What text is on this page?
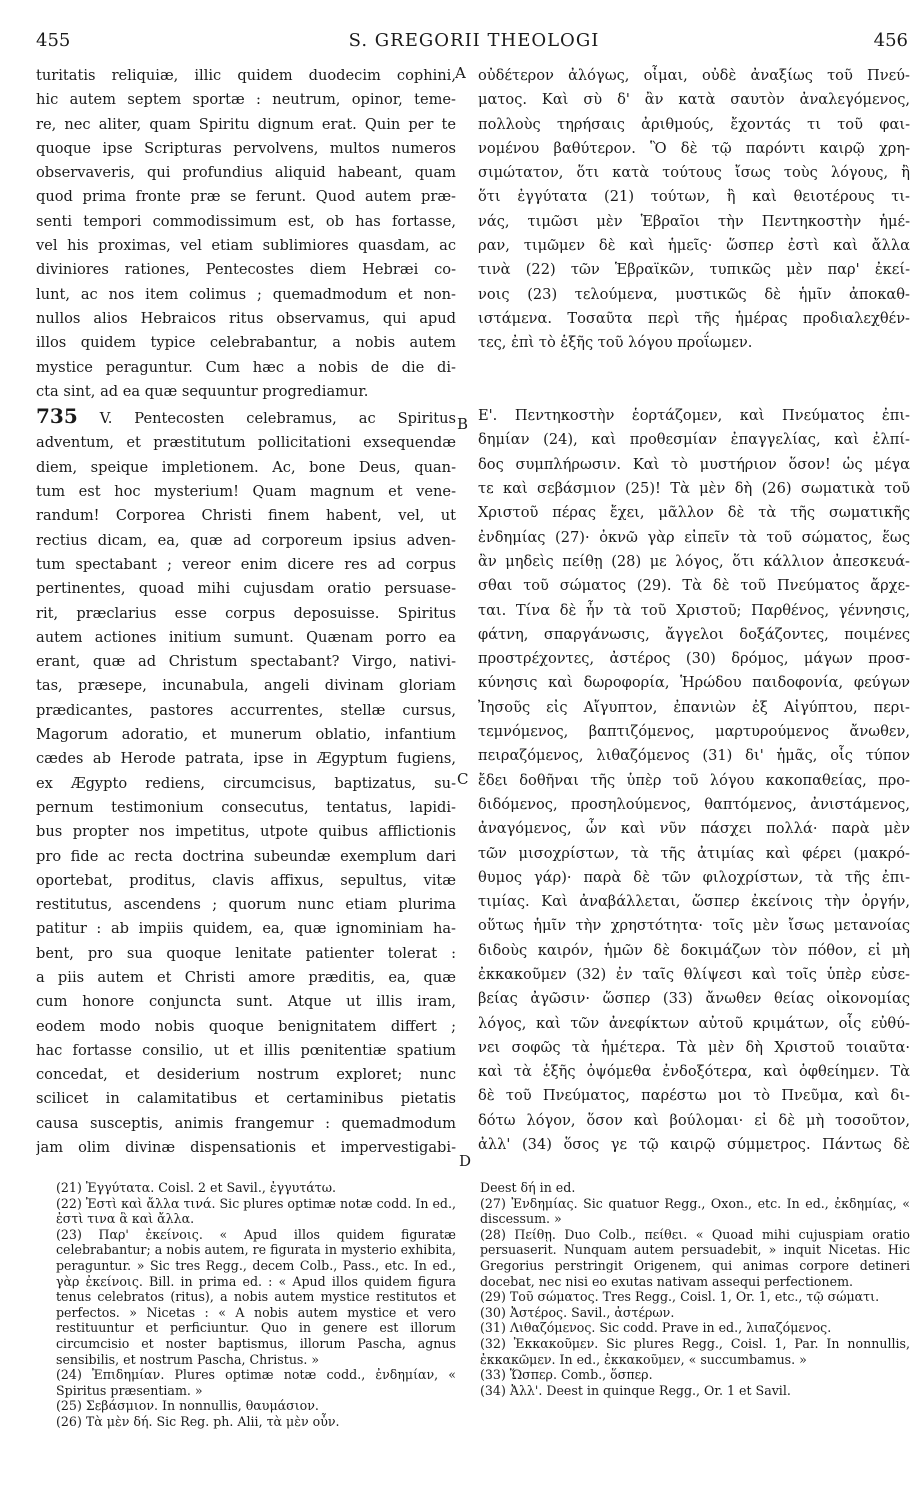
455	S. GREGORII THEOLOGI	456
A
B
C
D
turitatis reliquiæ, illic quidem duodecim cophini,
hic autem septem sportæ : neutrum, opinor, teme-
re, nec aliter, quam Spiritu dignum erat. Quin per te
quoque ipse Scripturas pervolvens, multos numeros
observaveris, qui profundius aliquid habeant, quam
quod prima fronte præ se ferunt. Quod autem præ-
senti tempori commodissimum est, ob has fortasse,
vel his proximas, vel etiam sublimiores quasdam, ac
diviniores rationes, Pentecostes diem Hebræi co-
lunt, ac nos item colimus ; quemadmodum et non-
nullos alios Hebraicos ritus observamus, qui apud
illos quidem typice celebrabantur, a nobis autem
mystice peraguntur. Cum hæc a nobis de die di-
cta sint, ad ea quæ sequuntur progrediamur.
735 V. Pentecosten celebramus, ac Spiritus
adventum, et præstitutum pollicitationi exsequendæ
diem, speique impletionem. Ac, bone Deus, quan-
tum est hoc mysterium! Quam magnum et vene-
randum! Corporea Christi finem habent, vel, ut
rectius dicam, ea, quæ ad corporeum ipsius adven-
tum spectabant ; vereor enim dicere res ad corpus
pertinentes, quoad mihi cujusdam oratio persuase-
rit, præclarius esse corpus deposuisse. Spiritus
autem actiones initium sumunt. Quænam porro ea
erant, quæ ad Christum spectabant? Virgo, nativi-
tas, præsepe, incunabula, angeli divinam gloriam
prædicantes, pastores accurrentes, stellæ cursus,
Magorum adoratio, et munerum oblatio, infantium
cædes ab Herode patrata, ipse in Ægyptum fugiens,
ex Ægypto rediens, circumcisus, baptizatus, su-
pernum testimonium consecutus, tentatus, lapidi-
bus propter nos impetitus, utpote quibus afflictionis
pro fide ac recta doctrina subeundæ exemplum dari
oportebat, proditus, clavis affixus, sepultus, vitæ
restitutus, ascendens ; quorum nunc etiam plurima
patitur : ab impiis quidem, ea, quæ ignominiam ha-
bent, pro sua quoque lenitate patienter tolerat :
a piis autem et Christi amore præditis, ea, quæ
cum honore conjuncta sunt. Atque ut illis iram,
eodem modo nobis quoque benignitatem differt ;
hac fortasse consilio, ut et illis pœnitentiæ spatium
concedat, et desiderium nostrum exploret; nunc
scilicet in calamitatibus et certaminibus pietatis
causa susceptis, animis frangemur : quemadmodum
jam olim divinæ dispensationis et impervestigabi-
οὐδέτερον ἀλόγως, οἶμαι, οὐδὲ ἀναξίως τοῦ Πνεύ-
ματος. Καὶ σὺ δ' ἂν κατὰ σαυτὸν ἀναλεγόμενος,
πολλοὺς τηρήσαις ἀριθμούς, ἔχοντάς τι τοῦ φαι-
νομένου βαθύτερον. Ὃ δὲ τῷ παρόντι καιρῷ χρη-
σιμώτατον, ὅτι κατὰ τούτους ἴσως τοὺς λόγους, ἢ
ὅτι ἐγγύτατα (21) τούτων, ἢ καὶ θειοτέρους τι-
νάς, τιμῶσι μὲν Ἑβραῖοι τὴν Πεντηκοστὴν ἡμέ-
ραν, τιμῶμεν δὲ καὶ ἡμεῖς· ὥσπερ ἐστὶ καὶ ἄλλα
τινὰ (22) τῶν Ἑβραϊκῶν, τυπικῶς μὲν παρ' ἐκεί-
νοις (23) τελούμενα, μυστικῶς δὲ ἡμῖν ἀποκαθ-
ιστάμενα. Τοσαῦτα περὶ τῆς ἡμέρας προδιαλεχθέν-
τες, ἐπὶ τὸ ἑξῆς τοῦ λόγου προΐωμεν.
Ε'. Πεντηκοστὴν ἑορτάζομεν, καὶ Πνεύματος ἐπι-
δημίαν (24), καὶ προθεσμίαν ἐπαγγελίας, καὶ ἐλπί-
δος συμπλήρωσιν. Καὶ τὸ μυστήριον ὅσον! ὡς μέγα
τε καὶ σεβάσμιον (25)! Τὰ μὲν δὴ (26) σωματικὰ τοῦ
Χριστοῦ πέρας ἔχει, μᾶλλον δὲ τὰ τῆς σωματικῆς
ἐνδημίας (27)· ὀκνῶ γὰρ εἰπεῖν τὰ τοῦ σώματος, ἕως
ἂν μηδεὶς πείθῃ (28) με λόγος, ὅτι κάλλιον ἀπεσκευά-
σθαι τοῦ σώματος (29). Τὰ δὲ τοῦ Πνεύματος ἄρχε-
ται. Τίνα δὲ ἦν τὰ τοῦ Χριστοῦ; Παρθένος, γέννησις,
φάτνη, σπαργάνωσις, ἄγγελοι δοξάζοντες, ποιμένες
προστρέχοντες, ἀστέρος (30) δρόμος, μάγων προσ-
κύνησις καὶ δωροφορία, Ἡρώδου παιδοφονία, φεύγων
Ἰησοῦς εἰς Αἴγυπτον, ἐπανιὼν ἐξ Αἰγύπτου, περι-
τεμνόμενος, βαπτιζόμενος, μαρτυρούμενος ἄνωθεν,
πειραζόμενος, λιθαζόμενος (31) δι' ἡμᾶς, οἷς τύπον
ἔδει δοθῆναι τῆς ὑπὲρ τοῦ λόγου κακοπαθείας, προ-
διδόμενος, προσηλούμενος, θαπτόμενος, ἀνιστάμενος,
ἀναγόμενος, ὧν καὶ νῦν πάσχει πολλά· παρὰ μὲν
τῶν μισοχρίστων, τὰ τῆς ἀτιμίας καὶ φέρει (μακρό-
θυμος γάρ)· παρὰ δὲ τῶν φιλοχρίστων, τὰ τῆς ἐπι-
τιμίας. Καὶ ἀναβάλλεται, ὥσπερ ἐκείνοις τὴν ὀργήν,
οὕτως ἡμῖν τὴν χρηστότητα· τοῖς μὲν ἴσως μετανοίας
διδοὺς καιρόν, ἡμῶν δὲ δοκιμάζων τὸν πόθον, εἰ μὴ
ἐκκακοῦμεν (32) ἐν ταῖς θλίψεσι καὶ τοῖς ὑπὲρ εὐσε-
βείας ἀγῶσιν· ὥσπερ (33) ἄνωθεν θείας οἰκονομίας
λόγος, καὶ τῶν ἀνεφίκτων αὐτοῦ κριμάτων, οἷς εὐθύ-
νει σοφῶς τὰ ἡμέτερα. Τὰ μὲν δὴ Χριστοῦ τοιαῦτα·
καὶ τὰ ἑξῆς ὀψόμεθα ἐνδοξότερα, καὶ ὀφθείημεν. Τὰ
δὲ τοῦ Πνεύματος, παρέστω μοι τὸ Πνεῦμα, καὶ δι-
δότω λόγον, ὅσον καὶ βούλομαι· εἰ δὲ μὴ τοσοῦτον,
ἀλλ' (34) ὅσος γε τῷ καιρῷ σύμμετρος. Πάντως δὲ

(21) Ἐγγύτατα. Coisl. 2 et Savil., ἐγγυτάτω.

(22) Ἐστὶ καὶ ἄλλα τινά. Sic plures optimæ notæ codd. In ed., ἐστὶ τινα ἃ καὶ ἄλλα.

(23) Παρ' ἐκείνοις. « Apud illos quidem figuratæ celebrabantur; a nobis autem, re figurata in mysterio exhibita, peraguntur. » Sic tres Regg., decem Colb., Pass., etc. In ed., γὰρ ἐκείνοις. Bill. in prima ed. : « Apud illos quidem figura tenus celebratos (ritus), a nobis autem mystice restitutos et perfectos. » Nicetas : « A nobis autem mystice et vero restituuntur et perficiuntur. Quo in genere est illorum circumcisio et noster baptismus, illorum Pascha, agnus sensibilis, et nostrum Pascha, Christus. »

(24) Ἐπιδημίαν. Plures optimæ notæ codd., ἐνδημίαν, « Spiritus præsentiam. »

(25) Σεβάσμιον. In nonnullis, θαυμάσιον.

(26) Τὰ μὲν δή. Sic Reg. ph. Alii, τὰ μὲν οὖν.

Deest δή in ed.

(27) Ἐνδημίας. Sic quatuor Regg., Oxon., etc. In ed., ἐκδημίας, « discessum. »

(28) Πείθῃ. Duo Colb., πείθει. « Quoad mihi cujuspiam oratio persuaserit. Nunquam autem persuadebit, » inquit Nicetas. Hic Gregorius perstringit Origenem, qui animas corpore detineri docebat, nec nisi eo exutas nativam assequi perfectionem.

(29) Τοῦ σώματος. Tres Regg., Coisl. 1, Or. 1, etc., τῷ σώματι.

(30) Ἀστέρος. Savil., ἀστέρων.

(31) Λιθαζόμενος. Sic codd. Prave in ed., λιπαζόμενος.

(32) Ἐκκακοῦμεν. Sic plures Regg., Coisl. 1, Par. In nonnullis, ἐκκακῶμεν. In ed., ἐκκακοῦμεν, « succumbamus. »

(33) Ὥσπερ. Comb., ὅσπερ.

(34) Ἀλλ'. Deest in quinque Regg., Or. 1 et Savil.
